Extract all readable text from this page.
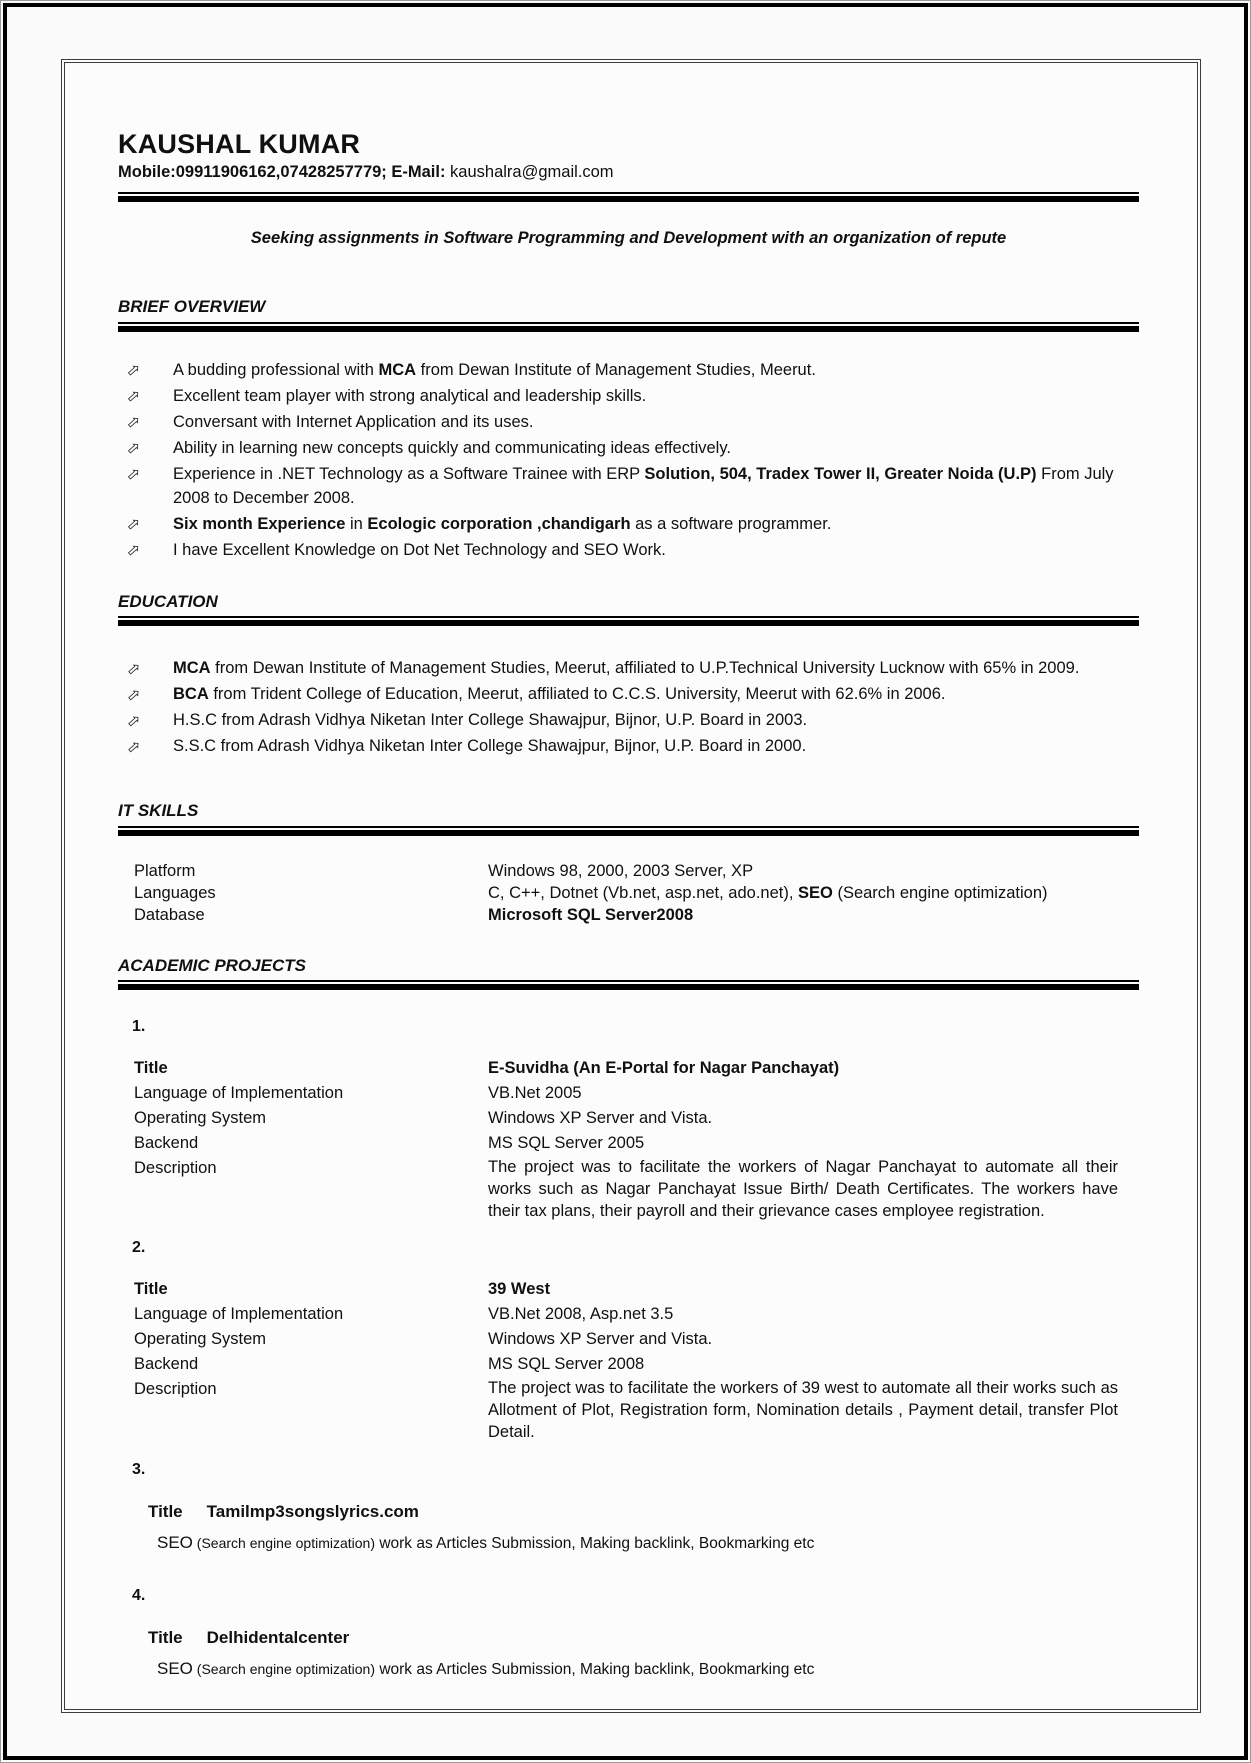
KAUSHAL KUMAR
Mobile:09911906162,07428257779; E-Mail: kaushalra@gmail.com
Seeking assignments in Software Programming and Development with an organization of repute
BRIEF OVERVIEW
⇨	A budding professional with MCA from Dewan Institute of Management Studies, Meerut.
⇨	Excellent team player with strong analytical and leadership skills.
⇨	Conversant with Internet Application and its uses.
⇨	Ability in learning new concepts quickly and communicating ideas effectively.
⇨	Experience in .NET Technology as a Software Trainee with ERP Solution, 504, Tradex Tower II, Greater Noida (U.P) From July 2008 to December 2008.
⇨	Six month Experience in Ecologic corporation ,chandigarh as a software programmer.
⇨	I have Excellent Knowledge on Dot Net Technology and SEO Work.
EDUCATION
⇨	MCA from Dewan Institute of Management Studies, Meerut, affiliated to U.P.Technical University Lucknow with 65% in 2009.
⇨	BCA from Trident College of Education, Meerut, affiliated to C.C.S. University, Meerut with 62.6% in 2006.
⇨	H.S.C from Adrash Vidhya Niketan Inter College Shawajpur, Bijnor, U.P. Board in 2003.
⇨	S.S.C from Adrash Vidhya Niketan Inter College Shawajpur, Bijnor, U.P. Board in 2000.
IT SKILLS
Platform	Windows 98, 2000, 2003 Server, XP
Languages	C, C++, Dotnet (Vb.net, asp.net, ado.net), SEO (Search engine optimization)
Database	Microsoft SQL Server2008
ACADEMIC PROJECTS
1.
Title	E-Suvidha (An E-Portal for Nagar Panchayat)
Language of Implementation	VB.Net 2005
Operating System	Windows XP Server and Vista.
Backend	MS SQL Server 2005
Description	The project was to facilitate the workers of Nagar Panchayat to automate all their works such as Nagar Panchayat Issue Birth/ Death Certificates. The workers have their tax plans, their payroll and their grievance cases employee registration.
2.
Title	39 West
Language of Implementation	VB.Net 2008, Asp.net 3.5
Operating System	Windows XP Server and Vista.
Backend	MS SQL Server 2008
Description	The project was to facilitate the workers of 39 west to automate all their works such as Allotment of Plot, Registration form, Nomination details , Payment detail, transfer Plot Detail.
3.
Title Tamilmp3songslyrics.com
SEO (Search engine optimization) work as Articles Submission, Making backlink, Bookmarking etc
4.
Title Delhidentalcenter
SEO (Search engine optimization) work as Articles Submission, Making backlink, Bookmarking etc
